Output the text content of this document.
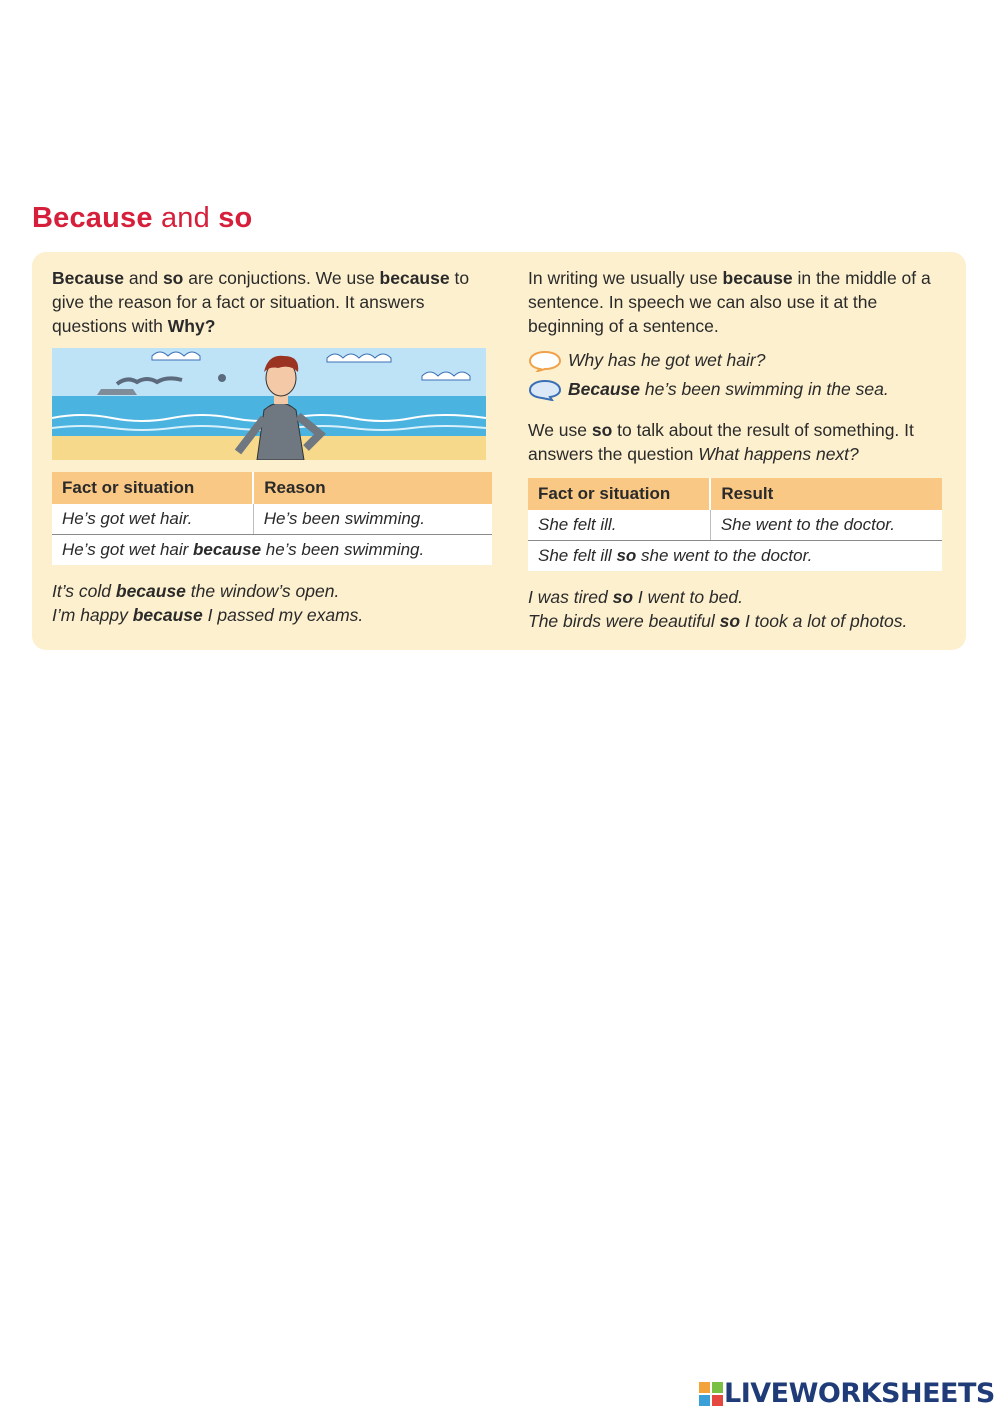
Because and so

Because and so are conjuctions. We use because to give the reason for a fact or situation. It answers questions with Why?

Fact or situation	Reason
He’s got wet hair.	He’s been swimming.
He’s got wet hair because he’s been swimming.	
It’s cold because the window’s open.
I’m happy because I passed my exams.

In writing we usually use because in the middle of a sentence. In speech we can also use it at the beginning of a sentence.

Why has he got wet hair?
Because he’s been swimming in the sea.

We use so to talk about the result of something. It answers the question What happens next?

Fact or situation	Result
She felt ill.	She went to the doctor.
She felt ill so she went to the doctor.	
I was tired so I went to bed.
The birds were beautiful so I took a lot of photos.
LIVEWORKSHEETS
